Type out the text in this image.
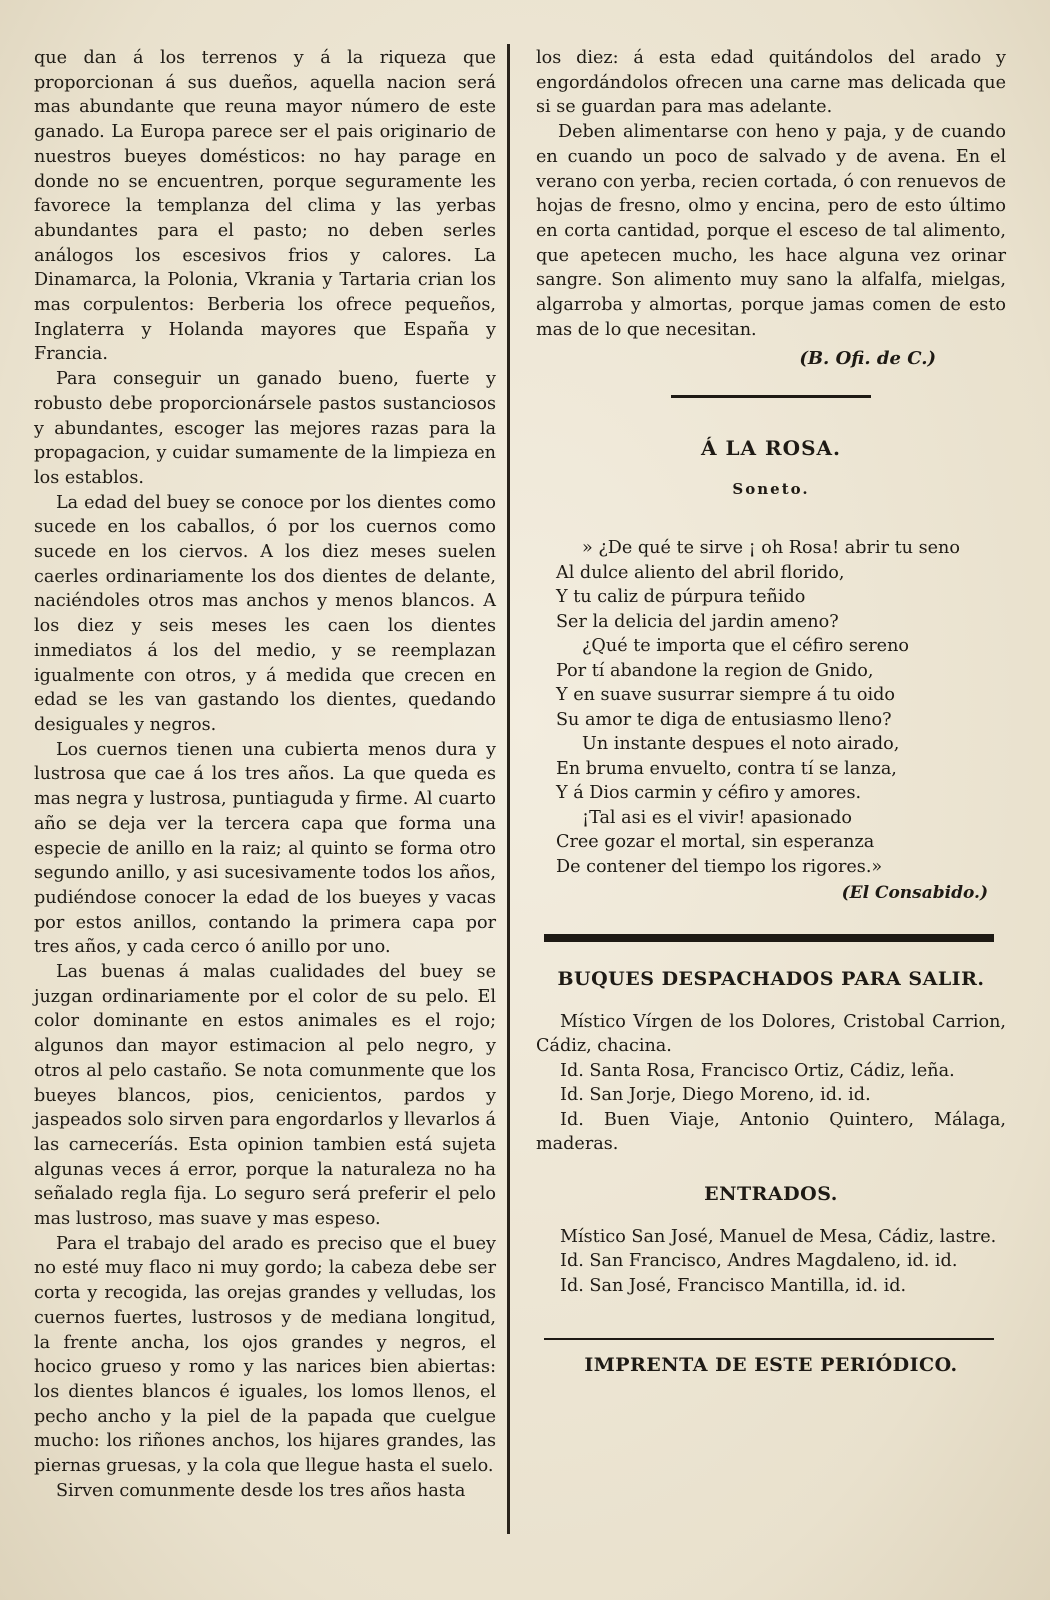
que dan á los terrenos y á la riqueza que proporcionan á sus dueños, aquella nacion será mas abundante que reuna mayor número de este ganado. La Europa parece ser el pais originario de nuestros bueyes domésticos: no hay parage en donde no se encuentren, porque seguramente les favorece la templanza del clima y las yerbas abundantes para el pasto; no deben serles análogos los escesivos frios y calores. La Dinamarca, la Polonia, Vkrania y Tartaria crian los mas corpulentos: Berberia los ofrece pequeños, Inglaterra y Holanda mayores que España y Francia.

Para conseguir un ganado bueno, fuerte y robusto debe proporcionársele pastos sustanciosos y abundantes, escoger las mejores razas para la propagacion, y cuidar sumamente de la limpieza en los establos.

La edad del buey se conoce por los dientes como sucede en los caballos, ó por los cuernos como sucede en los ciervos. A los diez meses suelen caerles ordinariamente los dos dientes de delante, naciéndoles otros mas anchos y menos blancos. A los diez y seis meses les caen los dientes inmediatos á los del medio, y se reemplazan igualmente con otros, y á medida que crecen en edad se les van gastando los dientes, quedando desiguales y negros.

Los cuernos tienen una cubierta menos dura y lustrosa que cae á los tres años. La que queda es mas negra y lustrosa, puntiaguda y firme. Al cuarto año se deja ver la tercera capa que forma una especie de anillo en la raiz; al quinto se forma otro segundo anillo, y asi sucesivamente todos los años, pudiéndose conocer la edad de los bueyes y vacas por estos anillos, contando la primera capa por tres años, y cada cerco ó anillo por uno.

Las buenas á malas cualidades del buey se juzgan ordinariamente por el color de su pelo. El color dominante en estos animales es el rojo; algunos dan mayor estimacion al pelo negro, y otros al pelo castaño. Se nota comunmente que los bueyes blancos, pios, cenicientos, pardos y jaspeados solo sirven para engordarlos y llevarlos á las carneceríás. Esta opinion tambien está sujeta algunas veces á error, porque la naturaleza no ha señalado regla fija. Lo seguro será preferir el pelo mas lustroso, mas suave y mas espeso.

Para el trabajo del arado es preciso que el buey no esté muy flaco ni muy gordo; la cabeza debe ser corta y recogida, las orejas grandes y velludas, los cuernos fuertes, lustrosos y de mediana longitud, la frente ancha, los ojos grandes y negros, el hocico grueso y romo y las narices bien abiertas: los dientes blancos é iguales, los lomos llenos, el pecho ancho y la piel de la papada que cuelgue mucho: los riñones anchos, los hijares grandes, las piernas gruesas, y la cola que llegue hasta el suelo.

Sirven comunmente desde los tres años hasta

los diez: á esta edad quitándolos del arado y engordándolos ofrecen una carne mas delicada que si se guardan para mas adelante.

Deben alimentarse con heno y paja, y de cuando en cuando un poco de salvado y de avena. En el verano con yerba, recien cortada, ó con renuevos de hojas de fresno, olmo y encina, pero de esto último en corta cantidad, porque el esceso de tal alimento, que apetecen mucho, les hace alguna vez orinar sangre. Son alimento muy sano la alfalfa, mielgas, algarroba y almortas, porque jamas comen de esto mas de lo que necesitan.

(B. Ofi. de C.)
Á LA ROSA.
Soneto.
» ¿De qué te sirve ¡ oh Rosa! abrir tu seno
Al dulce aliento del abril florido,
Y tu caliz de púrpura teñido
Ser la delicia del jardin ameno?
¿Qué te importa que el céfiro sereno
Por tí abandone la region de Gnido,
Y en suave susurrar siempre á tu oido
Su amor te diga de entusiasmo lleno?
Un instante despues el noto airado,
En bruma envuelto, contra tí se lanza,
Y á Dios carmin y céfiro y amores.
¡Tal asi es el vivir! apasionado
Cree gozar el mortal, sin esperanza
De contener del tiempo los rigores.»
(El Consabido.)
BUQUES DESPACHADOS PARA SALIR.
Místico Vírgen de los Dolores, Cristobal Carrion, Cádiz, chacina.
Id. Santa Rosa, Francisco Ortiz, Cádiz, leña.
Id. San Jorje, Diego Moreno, id. id.
Id. Buen Viaje, Antonio Quintero, Málaga, maderas.
ENTRADOS.
Místico San José, Manuel de Mesa, Cádiz, lastre.
Id. San Francisco, Andres Magdaleno, id. id.
Id. San José, Francisco Mantilla, id. id.
IMPRENTA DE ESTE PERIÓDICO.
